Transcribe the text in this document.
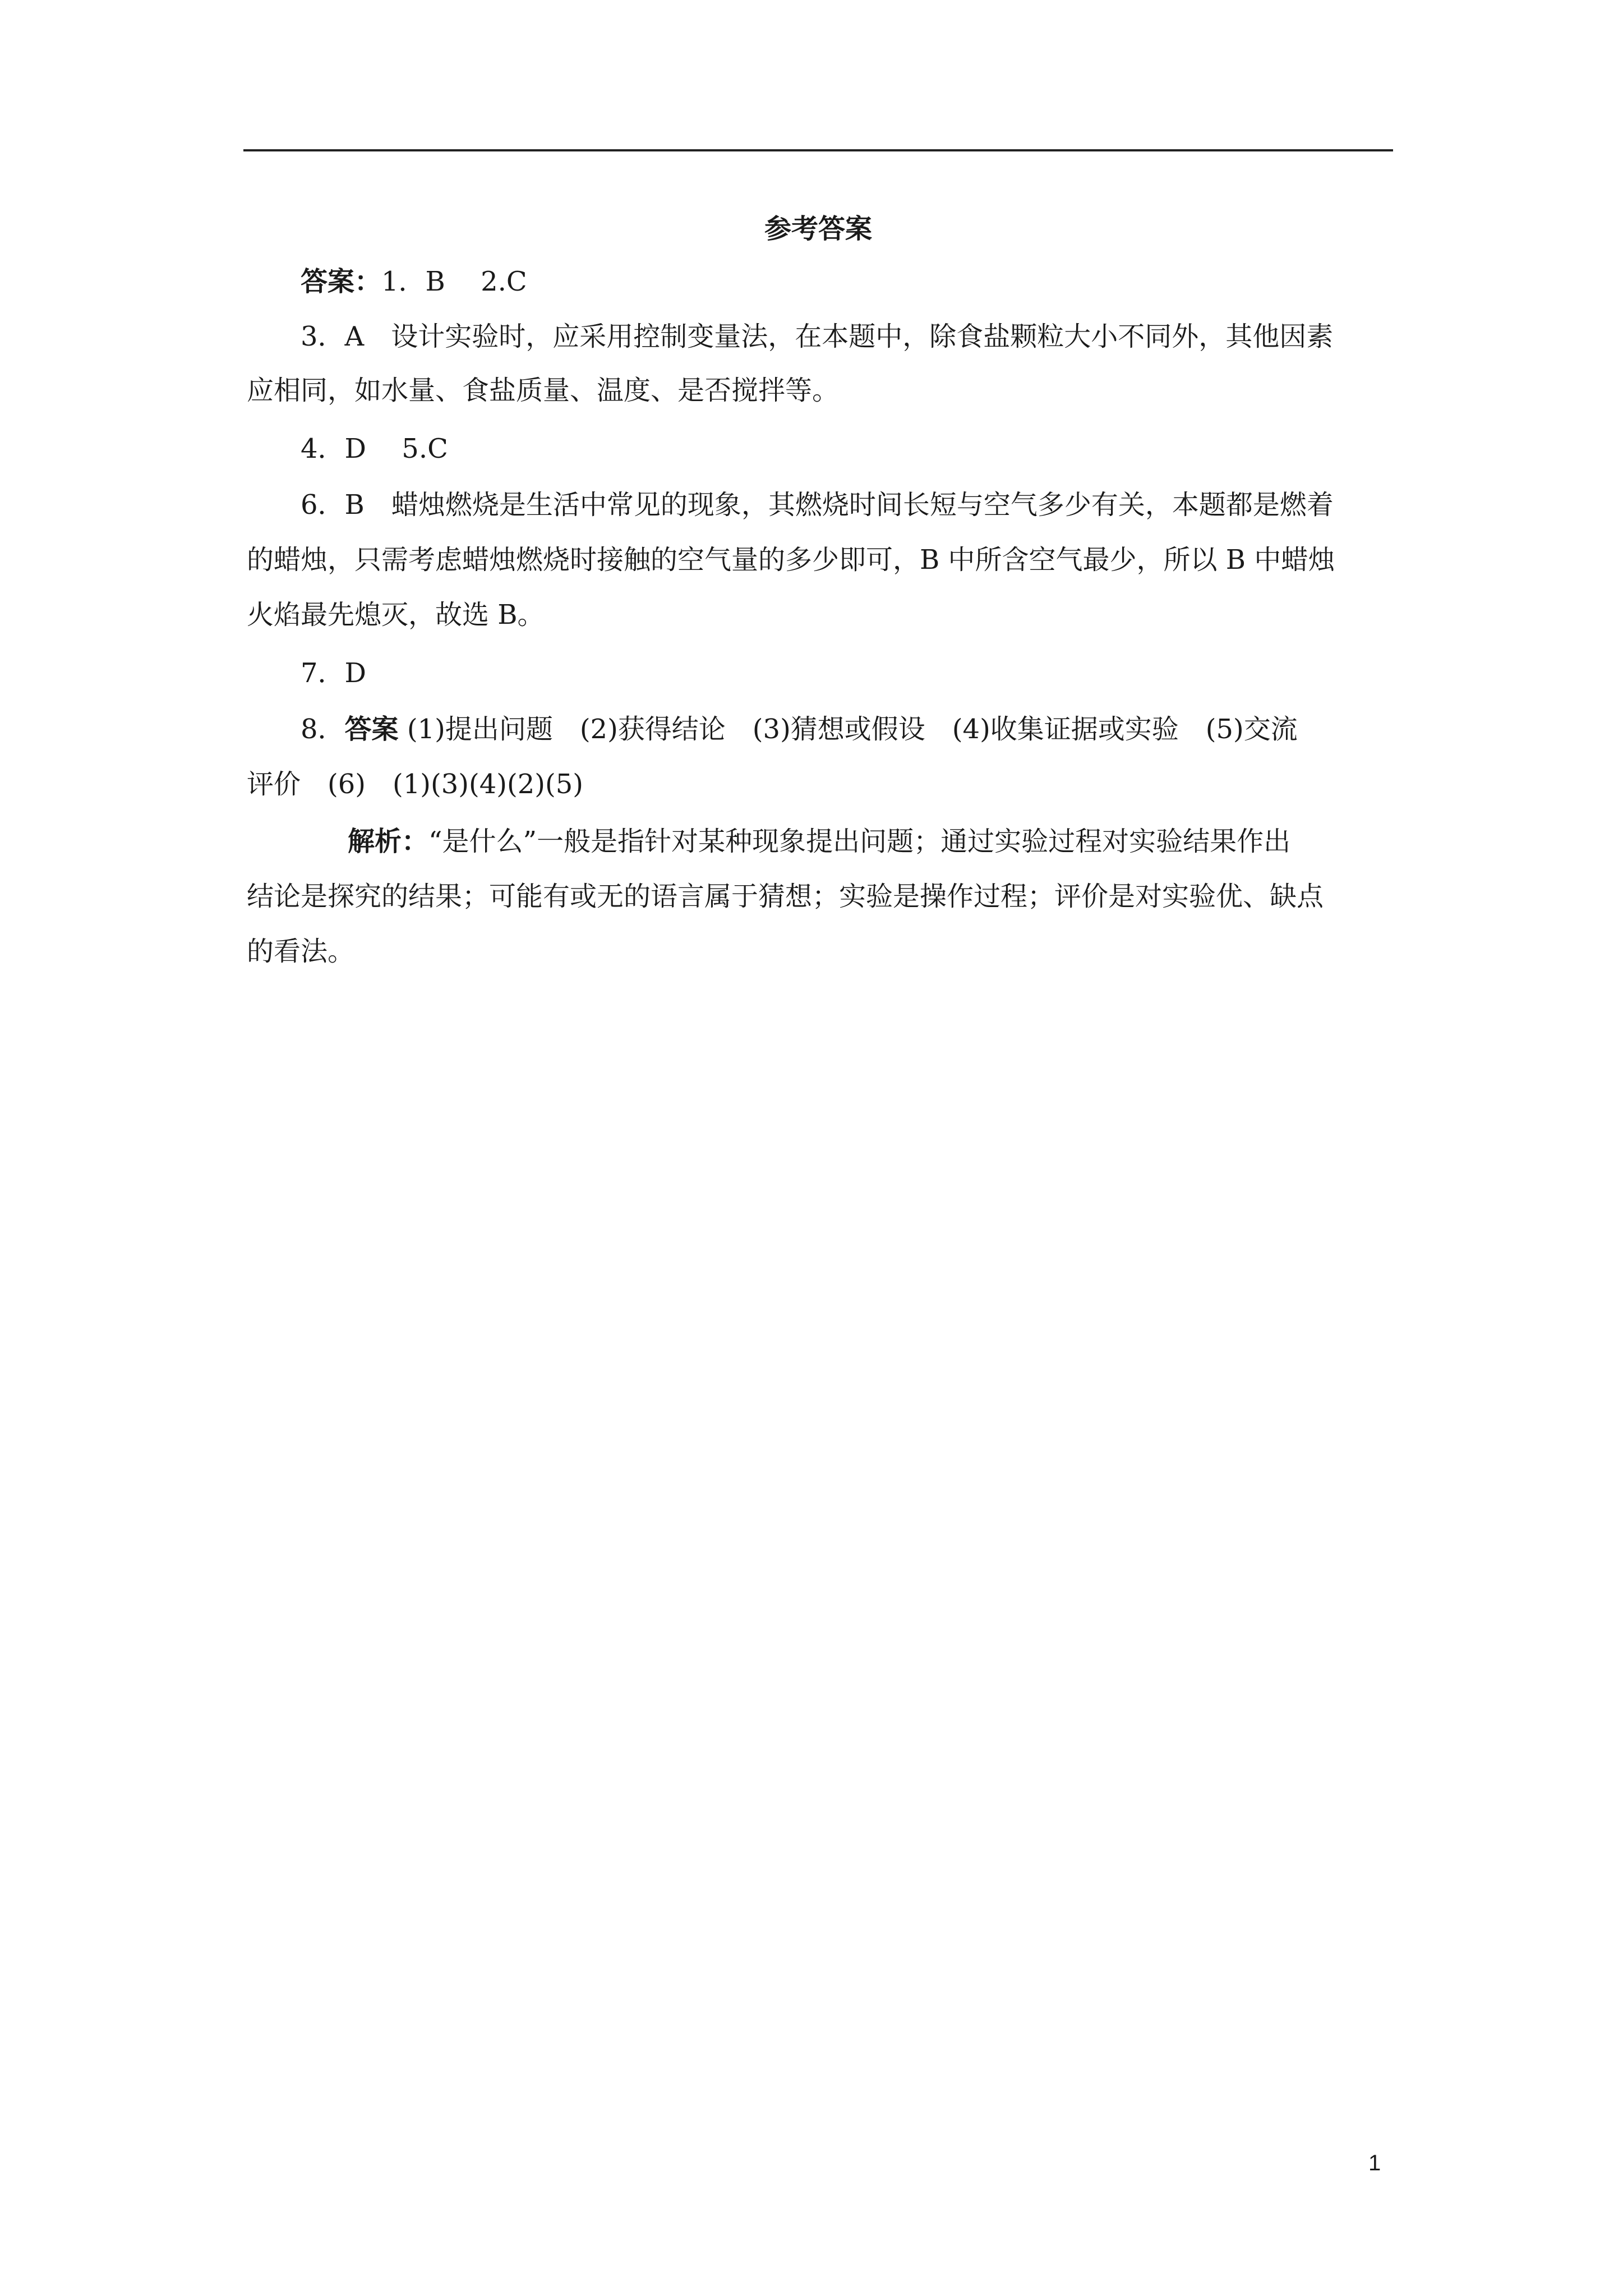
参考答案
答案：1．B　 2.C
3．A　设计实验时，应采用控制变量法，在本题中，除食盐颗粒大小不同外，其他因素
应相同，如水量、食盐质量、温度、是否搅拌等。
4．D　 5.C
6．B　蜡烛燃烧是生活中常见的现象，其燃烧时间长短与空气多少有关，本题都是燃着
的蜡烛，只需考虑蜡烛燃烧时接触的空气量的多少即可，B 中所含空气最少，所以 B 中蜡烛
火焰最先熄灭，故选 B。
7．D
8．答案 (1)提出问题　(2)获得结论　(3)猜想或假设　(4)收集证据或实验　(5)交流
评价　(6)　(1)(3)(4)(2)(5)
解析：“是什么”一般是指针对某种现象提出问题；通过实验过程对实验结果作出
结论是探究的结果；可能有或无的语言属于猜想；实验是操作过程；评价是对实验优、缺点
的看法。
1
